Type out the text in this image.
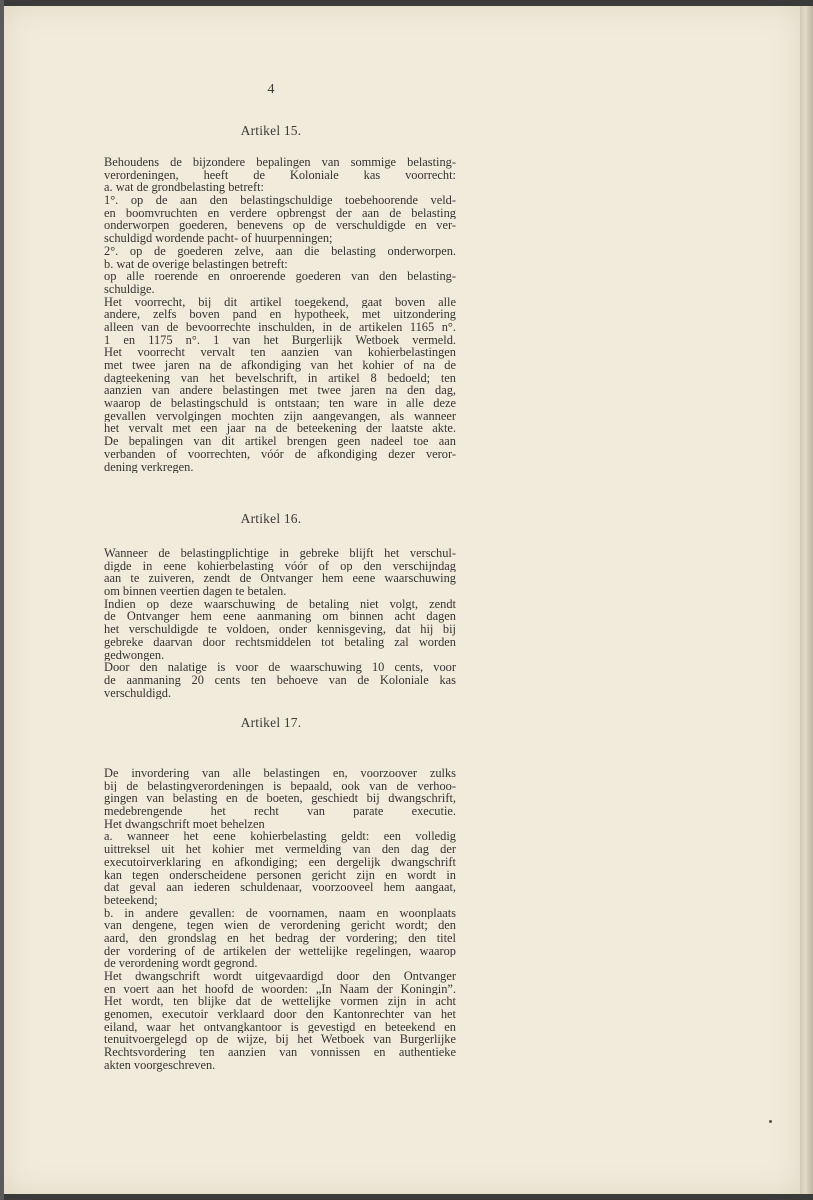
4
Artikel 15.
Behoudens de bijzondere bepalingen van sommige belasting-
verordeningen, heeft de Koloniale kas voorrecht:
a. wat de grondbelasting betreft:
1°. op de aan den belastingschuldige toebehoorende veld-
en boomvruchten en verdere opbrengst der aan de belasting
onderworpen goederen, benevens op de verschuldigde en ver-
schuldigd wordende pacht- of huurpenningen;
2°. op de goederen zelve, aan die belasting onderworpen.
b. wat de overige belastingen betreft:
op alle roerende en onroerende goederen van den belasting-
schuldige.
Het voorrecht, bij dit artikel toegekend, gaat boven alle
andere, zelfs boven pand en hypotheek, met uitzondering
alleen van de bevoorrechte inschulden, in de artikelen 1165 n°.
1 en 1175 n°. 1 van het Burgerlijk Wetboek vermeld.
Het voorrecht vervalt ten aanzien van kohierbelastingen
met twee jaren na de afkondiging van het kohier of na de
dagteekening van het bevelschrift, in artikel 8 bedoeld; ten
aanzien van andere belastingen met twee jaren na den dag,
waarop de belastingschuld is ontstaan; ten ware in alle deze
gevallen vervolgingen mochten zijn aangevangen, als wanneer
het vervalt met een jaar na de beteekening der laatste akte.
De bepalingen van dit artikel brengen geen nadeel toe aan
verbanden of voorrechten, vóór de afkondiging dezer veror-
dening verkregen.
Artikel 16.
Wanneer de belastingplichtige in gebreke blijft het verschul-
digde in eene kohierbelasting vóór of op den verschijndag
aan te zuiveren, zendt de Ontvanger hem eene waarschuwing
om binnen veertien dagen te betalen.
Indien op deze waarschuwing de betaling niet volgt, zendt
de Ontvanger hem eene aanmaning om binnen acht dagen
het verschuldigde te voldoen, onder kennisgeving, dat hij bij
gebreke daarvan door rechtsmiddelen tot betaling zal worden
gedwongen.
Door den nalatige is voor de waarschuwing 10 cents, voor
de aanmaning 20 cents ten behoeve van de Koloniale kas
verschuldigd.
Artikel 17.
De invordering van alle belastingen en, voorzoover zulks
bij de belastingverordeningen is bepaald, ook van de verhoo-
gingen van belasting en de boeten, geschiedt bij dwangschrift,
medebrengende het recht van parate executie.
Het dwangschrift moet behelzen
a. wanneer het eene kohierbelasting geldt: een volledig
uittreksel uit het kohier met vermelding van den dag der
executoirverklaring en afkondiging; een dergelijk dwangschrift
kan tegen onderscheidene personen gericht zijn en wordt in
dat geval aan iederen schuldenaar, voorzooveel hem aangaat,
beteekend;
b. in andere gevallen: de voornamen, naam en woonplaats
van dengene, tegen wien de verordening gericht wordt; den
aard, den grondslag en het bedrag der vordering; den titel
der vordering of de artikelen der wettelijke regelingen, waarop
de verordening wordt gegrond.
Het dwangschrift wordt uitgevaardigd door den Ontvanger
en voert aan het hoofd de woorden: „In Naam der Koningin”.
Het wordt, ten blijke dat de wettelijke vormen zijn in acht
genomen, executoir verklaard door den Kantonrechter van het
eiland, waar het ontvangkantoor is gevestigd en beteekend en
tenuitvoergelegd op de wijze, bij het Wetboek van Burgerlijke
Rechtsvordering ten aanzien van vonnissen en authentieke
akten voorgeschreven.
